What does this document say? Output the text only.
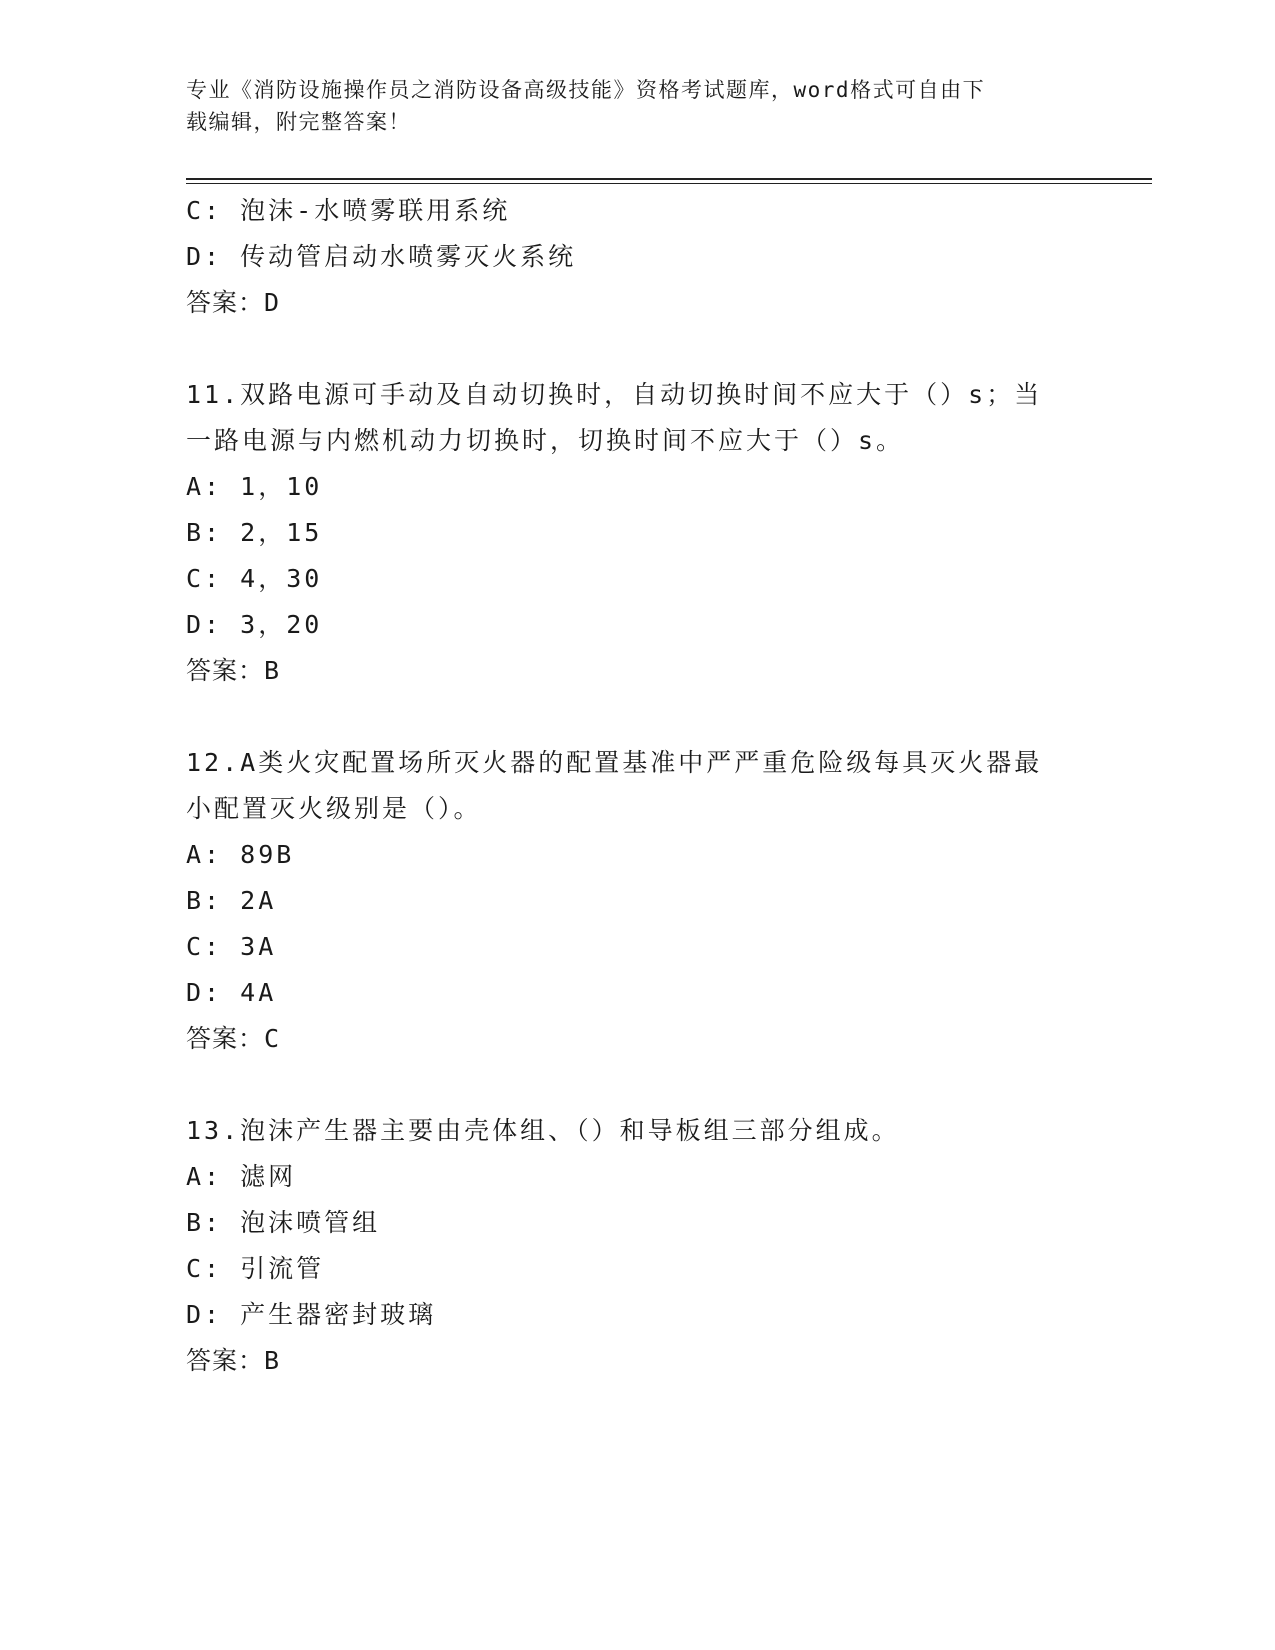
专业《消防设施操作员之消防设备高级技能》资格考试题库，word格式可自由下
载编辑，附完整答案！
C: 泡沫-水喷雾联用系统
D: 传动管启动水喷雾灭火系统
答案：D
11.双路电源可手动及自动切换时，自动切换时间不应大于（）s；当
一路电源与内燃机动力切换时，切换时间不应大于（）s。
A: 1，10
B: 2，15
C: 4，30
D: 3，20
答案：B
12.A类火灾配置场所灭火器的配置基准中严严重危险级每具灭火器最
小配置灭火级别是（）。
A: 89B
B: 2A
C: 3A
D: 4A
答案：C
13.泡沫产生器主要由壳体组、（）和导板组三部分组成。
A: 滤网
B: 泡沫喷管组
C: 引流管
D: 产生器密封玻璃
答案：B
